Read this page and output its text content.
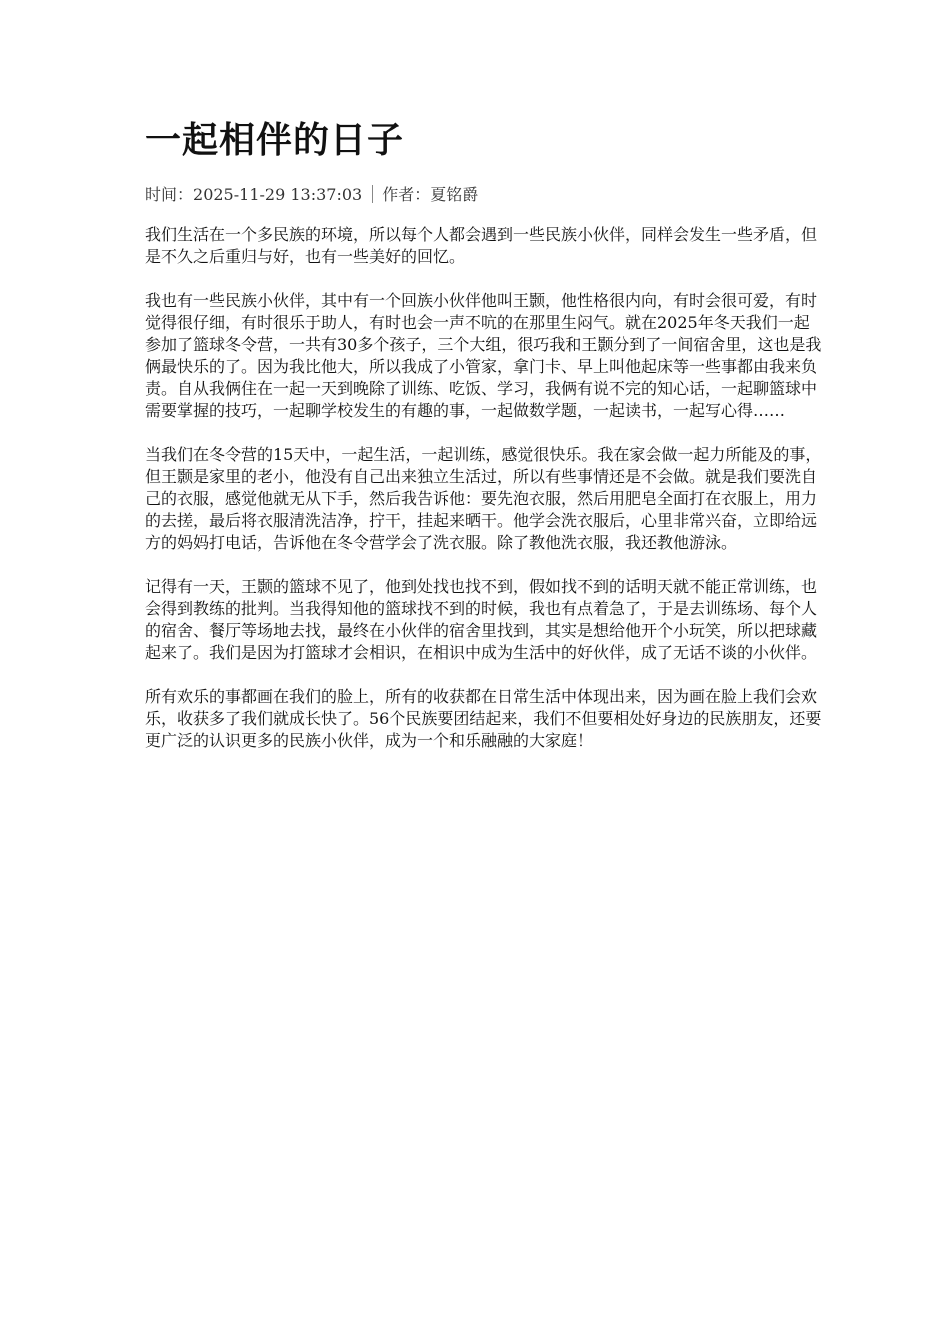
一起相伴的日子
时间：2025-11-29 13:37:03 作者：夏铭爵

我们生活在一个多民族的环境，所以每个人都会遇到一些民族小伙伴，同样会发生一些矛盾，但是不久之后重归与好，也有一些美好的回忆。

我也有一些民族小伙伴，其中有一个回族小伙伴他叫王颢，他性格很内向，有时会很可爱，有时觉得很仔细，有时很乐于助人，有时也会一声不吭的在那里生闷气。就在2025年冬天我们一起参加了篮球冬令营，一共有30多个孩子，三个大组，很巧我和王颢分到了一间宿舍里，这也是我俩最快乐的了。因为我比他大，所以我成了小管家，拿门卡、早上叫他起床等一些事都由我来负责。自从我俩住在一起一天到晚除了训练、吃饭、学习，我俩有说不完的知心话，一起聊篮球中需要掌握的技巧，一起聊学校发生的有趣的事，一起做数学题，一起读书，一起写心得……

当我们在冬令营的15天中，一起生活，一起训练，感觉很快乐。我在家会做一起力所能及的事，但王颢是家里的老小，他没有自己出来独立生活过，所以有些事情还是不会做。就是我们要洗自己的衣服，感觉他就无从下手，然后我告诉他：要先泡衣服，然后用肥皂全面打在衣服上，用力的去搓，最后将衣服清洗洁净，拧干，挂起来晒干。他学会洗衣服后，心里非常兴奋，立即给远方的妈妈打电话，告诉他在冬令营学会了洗衣服。除了教他洗衣服，我还教他游泳。

记得有一天，王颢的篮球不见了，他到处找也找不到，假如找不到的话明天就不能正常训练，也会得到教练的批判。当我得知他的篮球找不到的时候，我也有点着急了，于是去训练场、每个人的宿舍、餐厅等场地去找，最终在小伙伴的宿舍里找到，其实是想给他开个小玩笑，所以把球藏起来了。我们是因为打篮球才会相识，在相识中成为生活中的好伙伴，成了无话不谈的小伙伴。

所有欢乐的事都画在我们的脸上，所有的收获都在日常生活中体现出来，因为画在脸上我们会欢乐，收获多了我们就成长快了。56个民族要团结起来，我们不但要相处好身边的民族朋友，还要更广泛的认识更多的民族小伙伴，成为一个和乐融融的大家庭！
